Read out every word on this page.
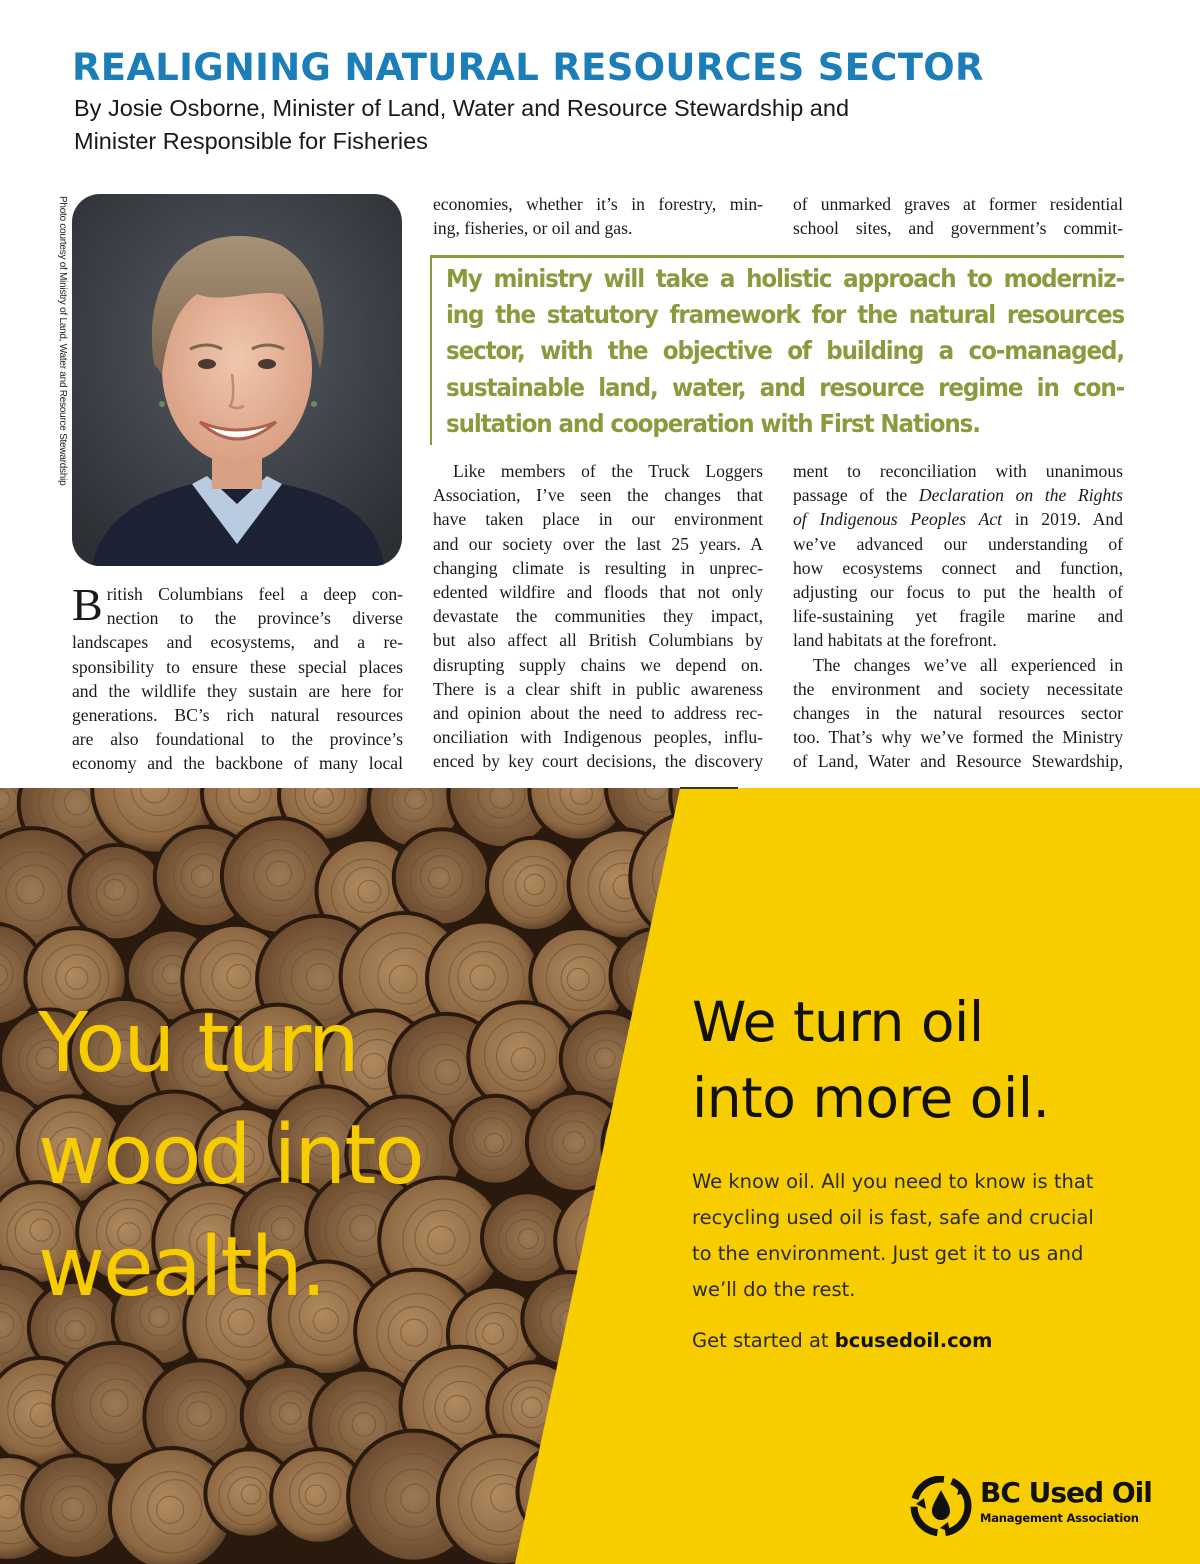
REALIGNING NATURAL RESOURCES SECTOR
By Josie Osborne, Minister of Land, Water and Resource Stewardship and
Minister Responsible for Fisheries
Photo courtesy of Ministry of Land, Water and Resource Stewardship
B ritish Columbians feel a deep con-
nection to the province’s diverse
landscapes and ecosystems, and a re-
sponsibility to ensure these special places
and the wildlife they sustain are here for
generations. BC’s rich natural resources
are also foundational to the province’s
economy and the backbone of many local
economies, whether it’s in forestry, min-
ing, fisheries, or oil and gas.
of unmarked graves at former residential
school sites, and government’s commit-
My ministry will take a holistic approach to moderniz-
ing the statutory framework for the natural resources
sector, with the objective of building a co-managed,
sustainable land, water, and resource regime in con-
sultation and cooperation with First Nations.
Like members of the Truck Loggers
Association, I’ve seen the changes that
have taken place in our environment
and our society over the last 25 years. A
changing climate is resulting in unprec-
edented wildfire and floods that not only
devastate the communities they impact,
but also affect all British Columbians by
disrupting supply chains we depend on.
There is a clear shift in public awareness
and opinion about the need to address rec-
onciliation with Indigenous peoples, influ-
enced by key court decisions, the discovery
ment to reconciliation with unanimous
passage of the Declaration on the Rights
of Indigenous Peoples Act in 2019. And
we’ve advanced our understanding of
how ecosystems connect and function,
adjusting our focus to put the health of
life-sustaining yet fragile marine and
land habitats at the forefront.
The changes we’ve all experienced in
the environment and society necessitate
changes in the natural resources sector
too. That’s why we’ve formed the Ministry
of Land, Water and Resource Stewardship,
You turn
wood into
wealth.
We turn oil
into more oil.
We know oil. All you need to know is that
recycling used oil is fast, safe and crucial
to the environment. Just get it to us and
we’ll do the rest.
Get started at bcusedoil.com
BC Used Oil
Management Association
